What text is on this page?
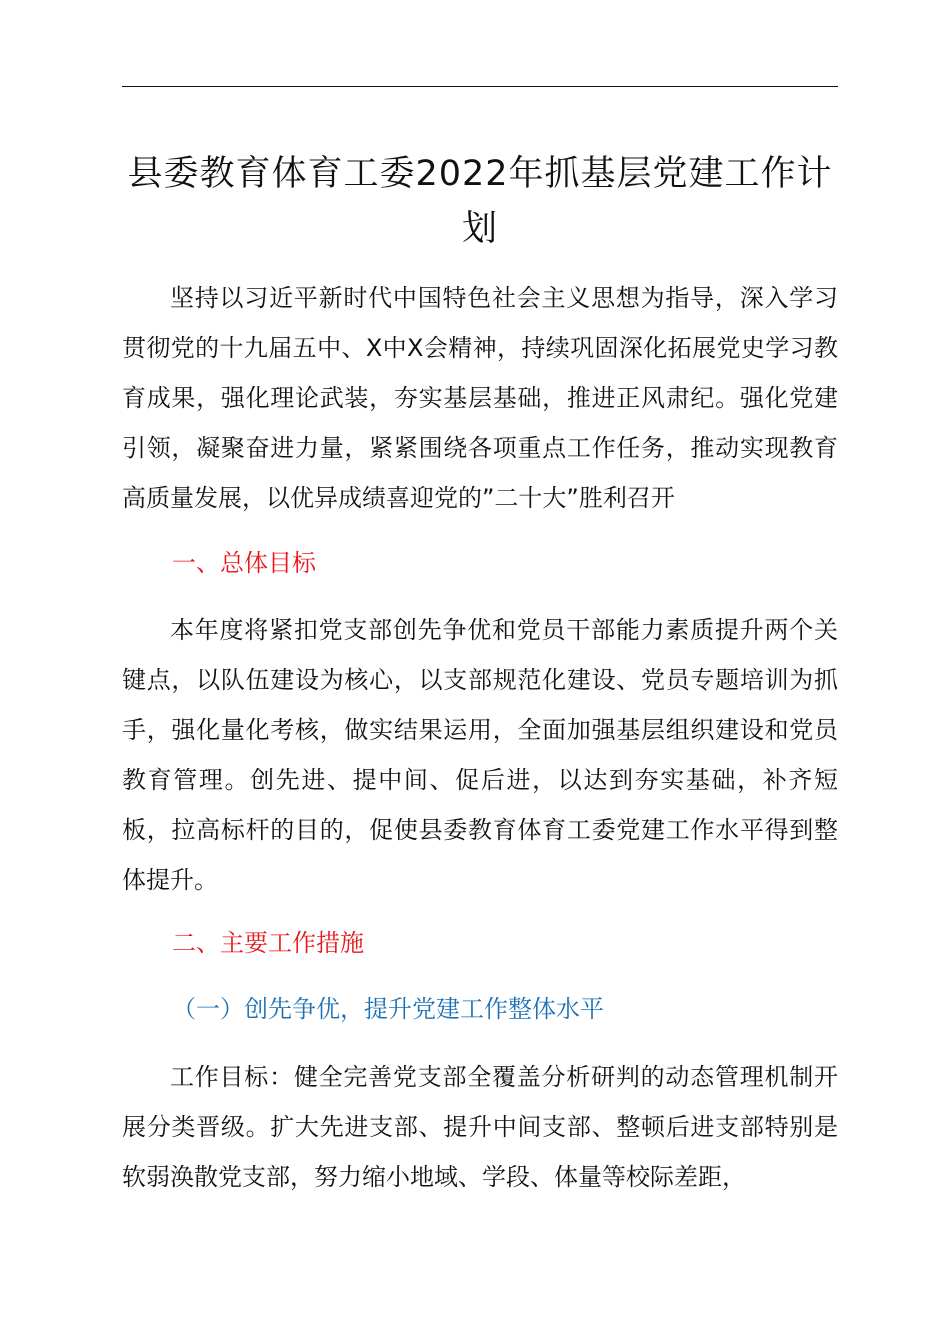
县委教育体育工委2022年抓基层党建工作计划

坚持以习近平新时代中国特色社会主义思想为指导，深入学习贯彻党的十九届五中、X中X会精神，持续巩固深化拓展党史学习教育成果，强化理论武装，夯实基层基础，推进正风肃纪。强化党建引领，凝聚奋进力量，紧紧围绕各项重点工作任务，推动实现教育高质量发展，以优异成绩喜迎党的”二十大”胜利召开

一、总体目标

本年度将紧扣党支部创先争优和党员干部能力素质提升两个关键点，以队伍建设为核心，以支部规范化建设、党员专题培训为抓手，强化量化考核，做实结果运用，全面加强基层组织建设和党员教育管理。创先进、提中间、促后进，以达到夯实基础，补齐短板，拉高标杆的目的，促使县委教育体育工委党建工作水平得到整体提升。

二、主要工作措施
（一）创先争优，提升党建工作整体水平

工作目标：健全完善党支部全覆盖分析研判的动态管理机制开展分类晋级。扩大先进支部、提升中间支部、整顿后进支部特别是软弱涣散党支部，努力缩小地域、学段、体量等校际差距，
